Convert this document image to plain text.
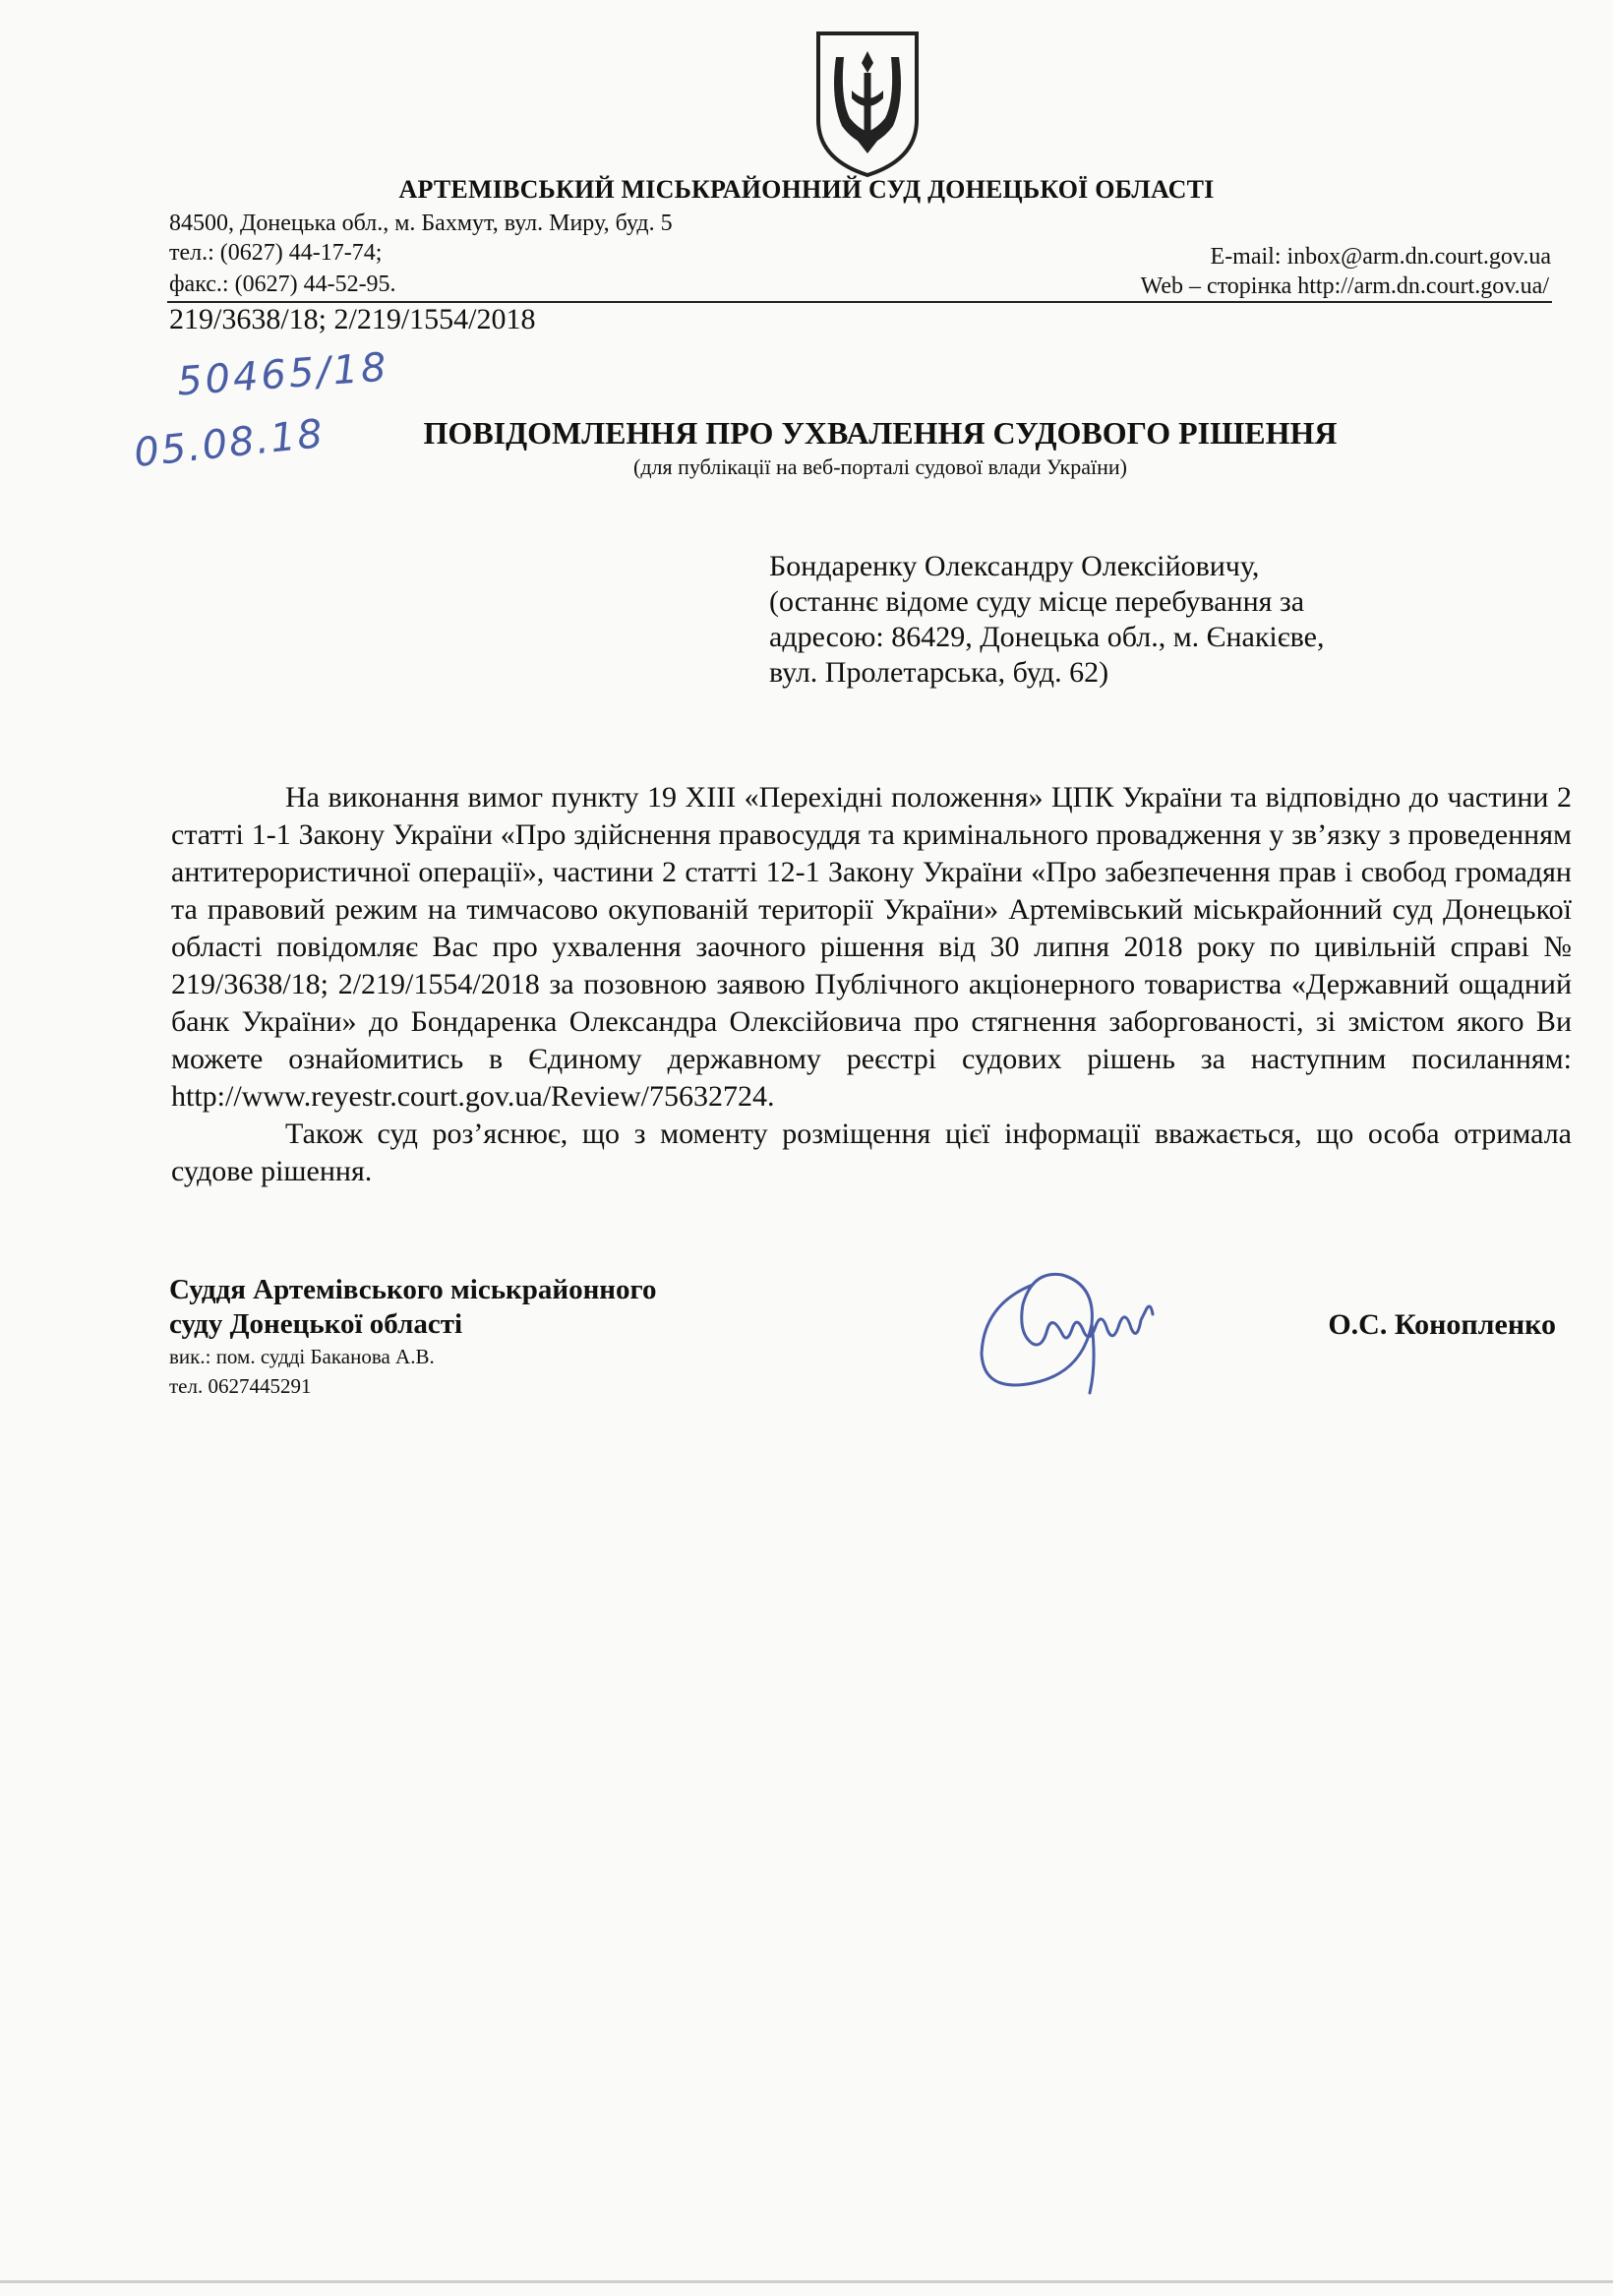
АРТЕМІВСЬКИЙ МІСЬКРАЙОННИЙ СУД ДОНЕЦЬКОЇ ОБЛАСТІ
84500, Донецька обл., м. Бахмут, вул. Миру, буд. 5
тел.: (0627) 44-17-74;
факс.: (0627) 44-52-95.
E-mail: inbox@arm.dn.court.gov.ua
Web – сторінка http://arm.dn.court.gov.ua/
219/3638/18; 2/219/1554/2018
50465/18
05.08.18	ПОВІДОМЛЕННЯ ПРО УХВАЛЕННЯ СУДОВОГО РІШЕННЯ
(для публікації на веб-порталі судової влади України)
Бондаренку Олександру Олексійовичу,
(останнє відоме суду місце перебування за
адресою: 86429, Донецька обл., м. Єнакієве,
вул. Пролетарська, буд. 62)

На виконання вимог пункту 19 XIII «Перехідні положення» ЦПК України та відповідно до частини 2 статті 1-1 Закону України «Про здійснення правосуддя та кримінального провадження у зв’язку з проведенням антитерористичної операції», частини 2 статті 12-1 Закону України «Про забезпечення прав і свобод громадян та правовий режим на тимчасово окупованій території України» Артемівський міськрайонний суд Донецької області повідомляє Вас про ухвалення заочного рішення від 30 липня 2018 року по цивільній справі № 219/3638/18; 2/219/1554/2018 за позовною заявою Публічного акціонерного товариства «Державний ощадний банк України» до Бондаренка Олександра Олексійовича про стягнення заборгованості, зі змістом якого Ви можете ознайомитись в Єдиному державному реєстрі судових рішень за наступним посиланням: http://www.reyestr.court.gov.ua/Review/75632724.

Також суд роз’яснює, що з моменту розміщення цієї інформації вважається, що особа отримала судове рішення.

Суддя Артемівського міськрайонного
суду Донецької області
вик.: пом. судді Баканова А.В.
тел. 0627445291
О.С. Конопленко
